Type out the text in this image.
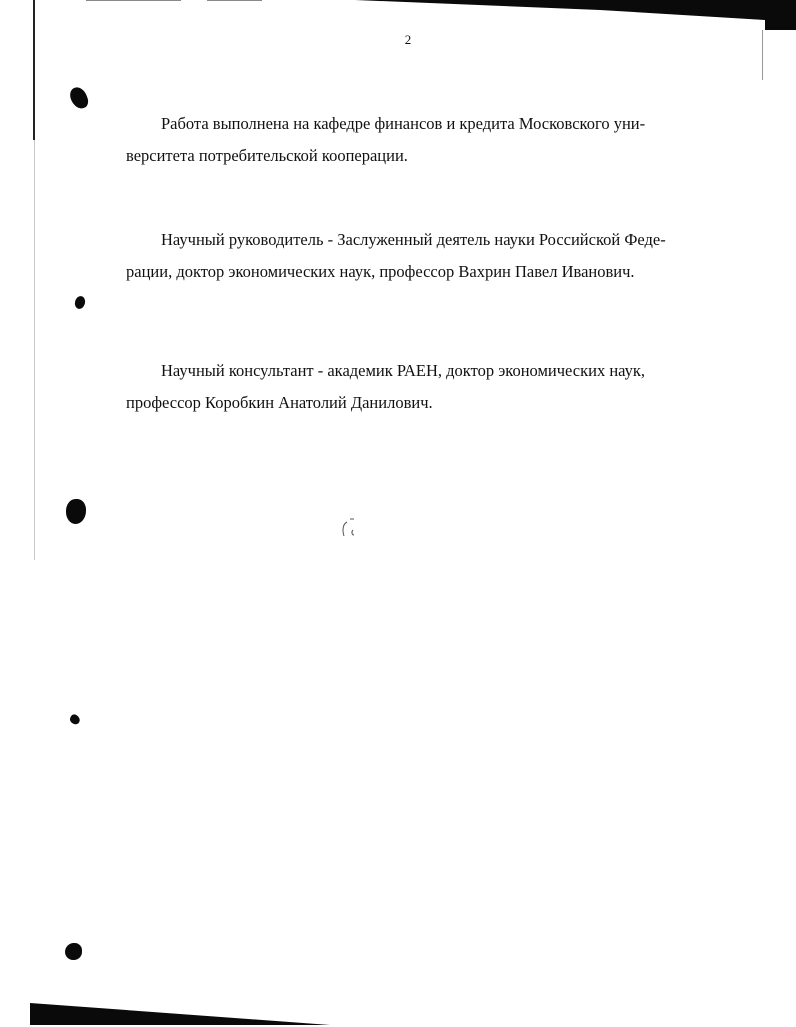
2

Работа выполнена на кафедре финансов и кредита Московского уни-
верситета потребительской кооперации.

Научный руководитель - Заслуженный деятель науки Российской Феде-
рации, доктор экономических наук, профессор Вахрин Павел Иванович.

Научный консультант - академик РАЕН, доктор экономических наук,
профессор Коробкин Анатолий Данилович.
